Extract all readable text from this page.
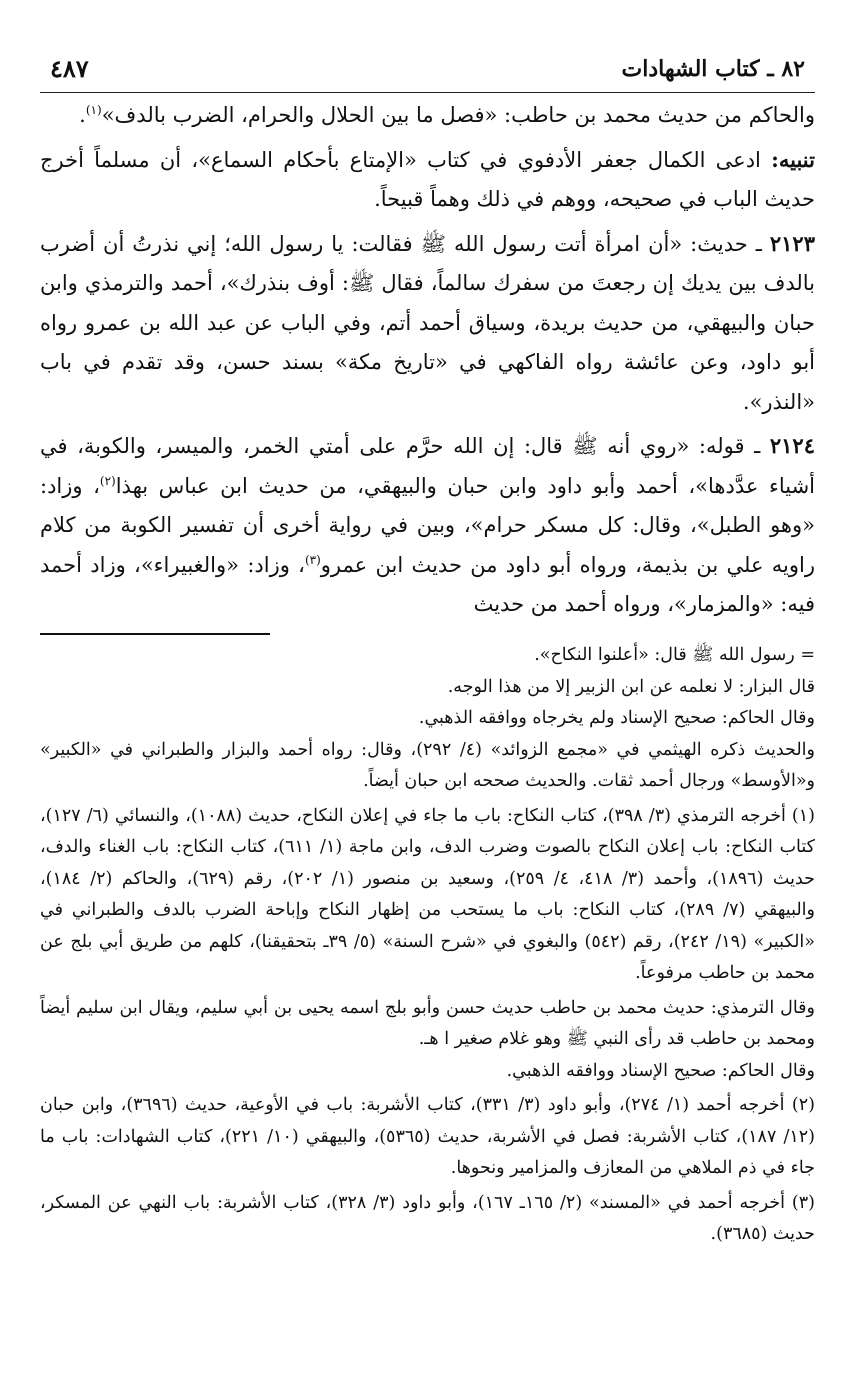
٨٢ ـ كتاب الشهادات
٤٨٧

والحاكم من حديث محمد بن حاطب: «فصل ما بين الحلال والحرام، الضرب بالدف»$^{(١)}$.

تنبيه: ادعى الكمال جعفر الأدفوي في كتاب «الإمتاع بأحكام السماع»، أن مسلماً أخرج حديث الباب في صحيحه، ووهم في ذلك وهماً قبيحاً.

٢١٢٣ ـ حديث: «أن امرأة أتت رسول الله ﷺ فقالت: يا رسول الله؛ إني نذرتُ أن أضرب بالدف بين يديك إن رجعتَ من سفرك سالماً، فقال ﷺ: أوف بنذرك»، أحمد والترمذي وابن حبان والبيهقي، من حديث بريدة، وسياق أحمد أتم، وفي الباب عن عبد الله بن عمرو رواه أبو داود، وعن عائشة رواه الفاكهي في «تاريخ مكة» بسند حسن، وقد تقدم في باب «النذر».

٢١٢٤ ـ قوله: «روي أنه ﷺ قال: إن الله حرَّم على أمتي الخمر، والميسر، والكوبة، في أشياء عدَّدها»، أحمد وأبو داود وابن حبان والبيهقي، من حديث ابن عباس بهذا$^{(٢)}$، وزاد: «وهو الطبل»، وقال: كل مسكر حرام»، وبين في رواية أخرى أن تفسير الكوبة من كلام راويه علي بن بذيمة، ورواه أبو داود من حديث ابن عمرو$^{(٣)}$، وزاد: «والغبيراء»، وزاد أحمد فيه: «والمزمار»، ورواه أحمد من حديث

= رسول الله ﷺ قال: «أعلنوا النكاح».

قال البزار: لا نعلمه عن ابن الزبير إلا من هذا الوجه.

وقال الحاكم: صحيح الإسناد ولم يخرجاه ووافقه الذهبي.

والحديث ذكره الهيثمي في «مجمع الزوائد» (٤/ ٢٩٢)، وقال: رواه أحمد والبزار والطبراني في «الكبير» و«الأوسط» ورجال أحمد ثقات. والحديث صححه ابن حبان أيضاً.

(١) أخرجه الترمذي (٣/ ٣٩٨)، كتاب النكاح: باب ما جاء في إعلان النكاح، حديث (١٠٨٨)، والنسائي (٦/ ١٢٧)، كتاب النكاح: باب إعلان النكاح بالصوت وضرب الدف، وابن ماجة (١/ ٦١١)، كتاب النكاح: باب الغناء والدف، حديث (١٨٩٦)، وأحمد (٣/ ٤١٨، ٤/ ٢٥٩)، وسعيد بن منصور (١/ ٢٠٢)، رقم (٦٢٩)، والحاكم (٢/ ١٨٤)، والبيهقي (٧/ ٢٨٩)، كتاب النكاح: باب ما يستحب من إظهار النكاح وإباحة الضرب بالدف والطبراني في «الكبير» (١٩/ ٢٤٢)، رقم (٥٤٢) والبغوي في «شرح السنة» (٥/ ٣٩ـ بتحقيقنا)، كلهم من طريق أبي بلج عن محمد بن حاطب مرفوعاً.

وقال الترمذي: حديث محمد بن حاطب حديث حسن وأبو بلج اسمه يحيى بن أبي سليم، ويقال ابن سليم أيضاً ومحمد بن حاطب قد رأى النبي ﷺ وهو غلام صغير ا هـ.

وقال الحاكم: صحيح الإسناد ووافقه الذهبي.

(٢) أخرجه أحمد (١/ ٢٧٤)، وأبو داود (٣/ ٣٣١)، كتاب الأشربة: باب في الأوعية، حديث (٣٦٩٦)، وابن حبان (١٢/ ١٨٧)، كتاب الأشربة: فصل في الأشربة، حديث (٥٣٦٥)، والبيهقي (١٠/ ٢٢١)، كتاب الشهادات: باب ما جاء في ذم الملاهي من المعازف والمزامير ونحوها.

(٣) أخرجه أحمد في «المسند» (٢/ ١٦٥ـ ١٦٧)، وأبو داود (٣/ ٣٢٨)، كتاب الأشربة: باب النهي عن المسكر، حديث (٣٦٨٥).
